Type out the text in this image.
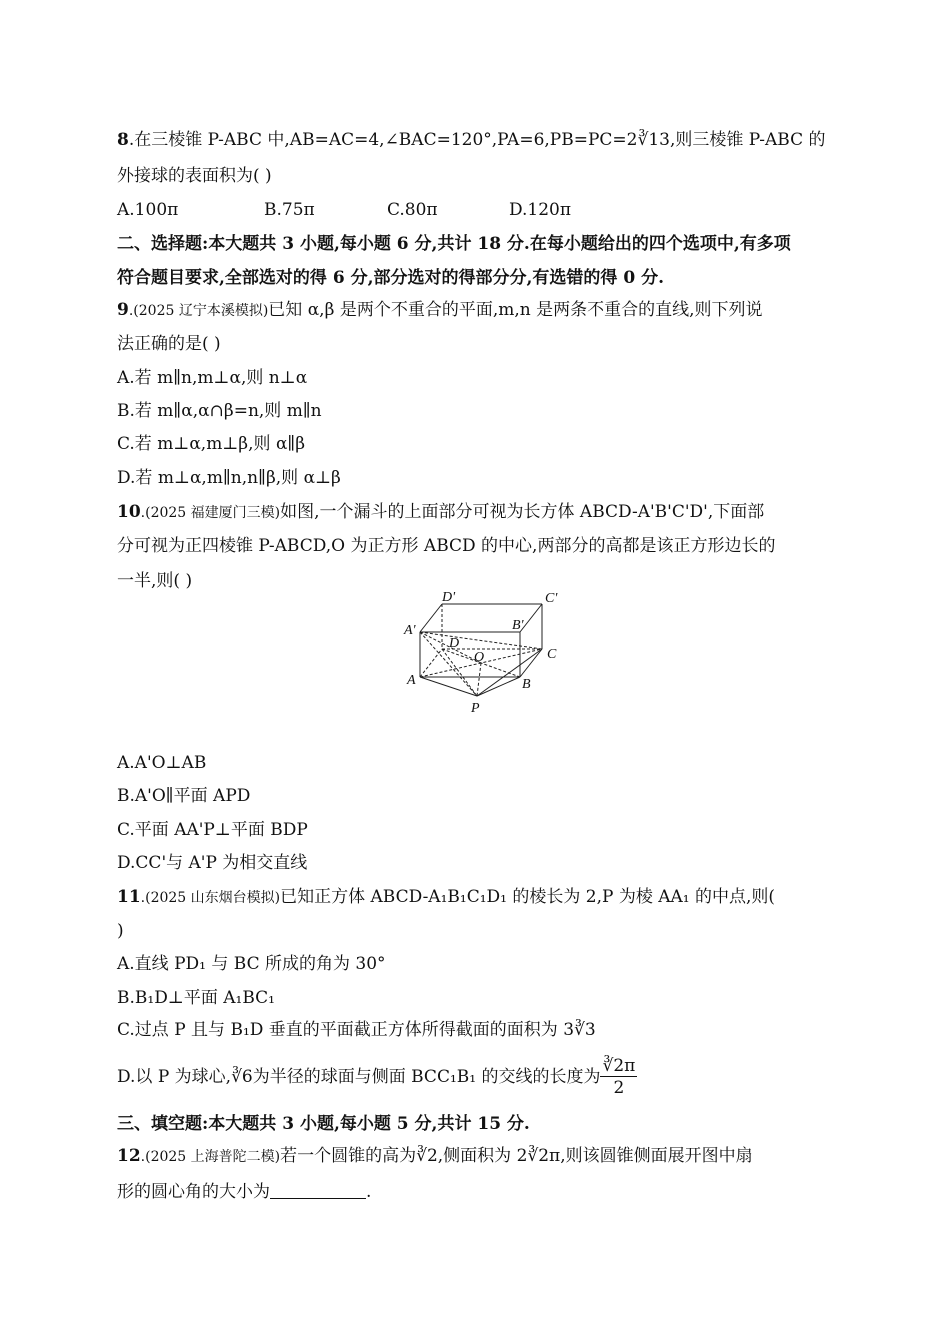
8.在三棱锥 P-ABC 中,AB=AC=4,∠BAC=120°,PA=6,PB=PC=2∛13,则三棱锥 P-ABC 的
外接球的表面积为( )
A.100π	B.75π	C.80π	D.120π
二、选择题:本大题共 3 小题,每小题 6 分,共计 18 分.在每小题给出的四个选项中,有多项
符合题目要求,全部选对的得 6 分,部分选对的得部分分,有选错的得 0 分.
9.(2025 辽宁本溪模拟)已知 α,β 是两个不重合的平面,m,n 是两条不重合的直线,则下列说
法正确的是( )
A.若 m∥n,m⊥α,则 n⊥α
B.若 m∥α,α∩β=n,则 m∥n
C.若 m⊥α,m⊥β,则 α∥β
D.若 m⊥α,m∥n,n∥β,则 α⊥β
10.(2025 福建厦门三模)如图,一个漏斗的上面部分可视为长方体 ABCD-A'B'C'D',下面部
分可视为正四棱锥 P-ABCD,O 为正方形 ABCD 的中心,两部分的高都是该正方形边长的
一半,则( )
D'	C'
B'
A'
D
O	C
A	B
P
A.A'O⊥AB
B.A'O∥平面 APD
C.平面 AA'P⊥平面 BDP
D.CC'与 A'P 为相交直线
11.(2025 山东烟台模拟)已知正方体 ABCD-A₁B₁C₁D₁ 的棱长为 2,P 为棱 AA₁ 的中点,则(
)
A.直线 PD₁ 与 BC 所成的角为 30°
B.B₁D⊥平面 A₁BC₁
C.过点 P 且与 B₁D 垂直的平面截正方体所得截面的面积为 3∛3
D.以 P 为球心,∛6为半径的球面与侧面 BCC₁B₁ 的交线的长度为 $\frac{∛2\pi}{2}$
三、填空题:本大题共 3 小题,每小题 5 分,共计 15 分.
12.(2025 上海普陀二模)若一个圆锥的高为∛2,侧面积为 2∛2π,则该圆锥侧面展开图中扇
形的圆心角的大小为	.
